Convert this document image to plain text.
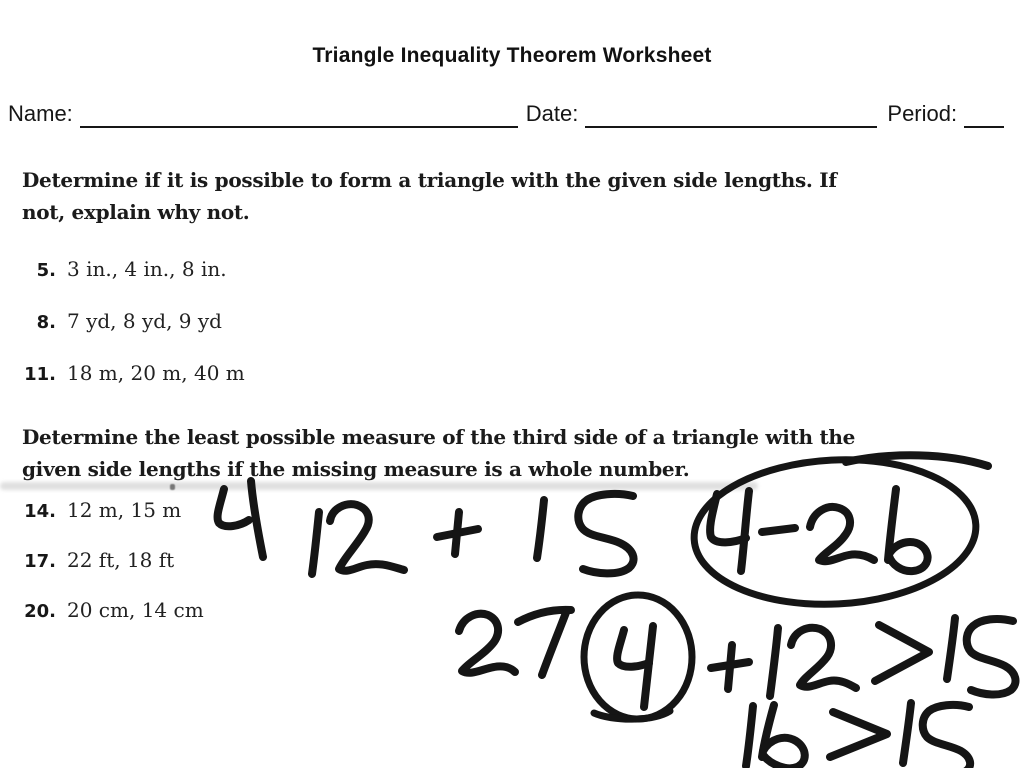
Triangle Inequality Theorem Worksheet
Name:	Date:	Period:
Determine if it is possible to form a triangle with the given side lengths. If
not, explain why not.
5. 3 in., 4 in., 8 in.
8. 7 yd, 8 yd, 9 yd
11. 18 m, 20 m, 40 m
Determine the least possible measure of the third side of a triangle with the
given side lengths if the missing measure is a whole number.
14. 12 m, 15 m
17. 22 ft, 18 ft
20. 20 cm, 14 cm
